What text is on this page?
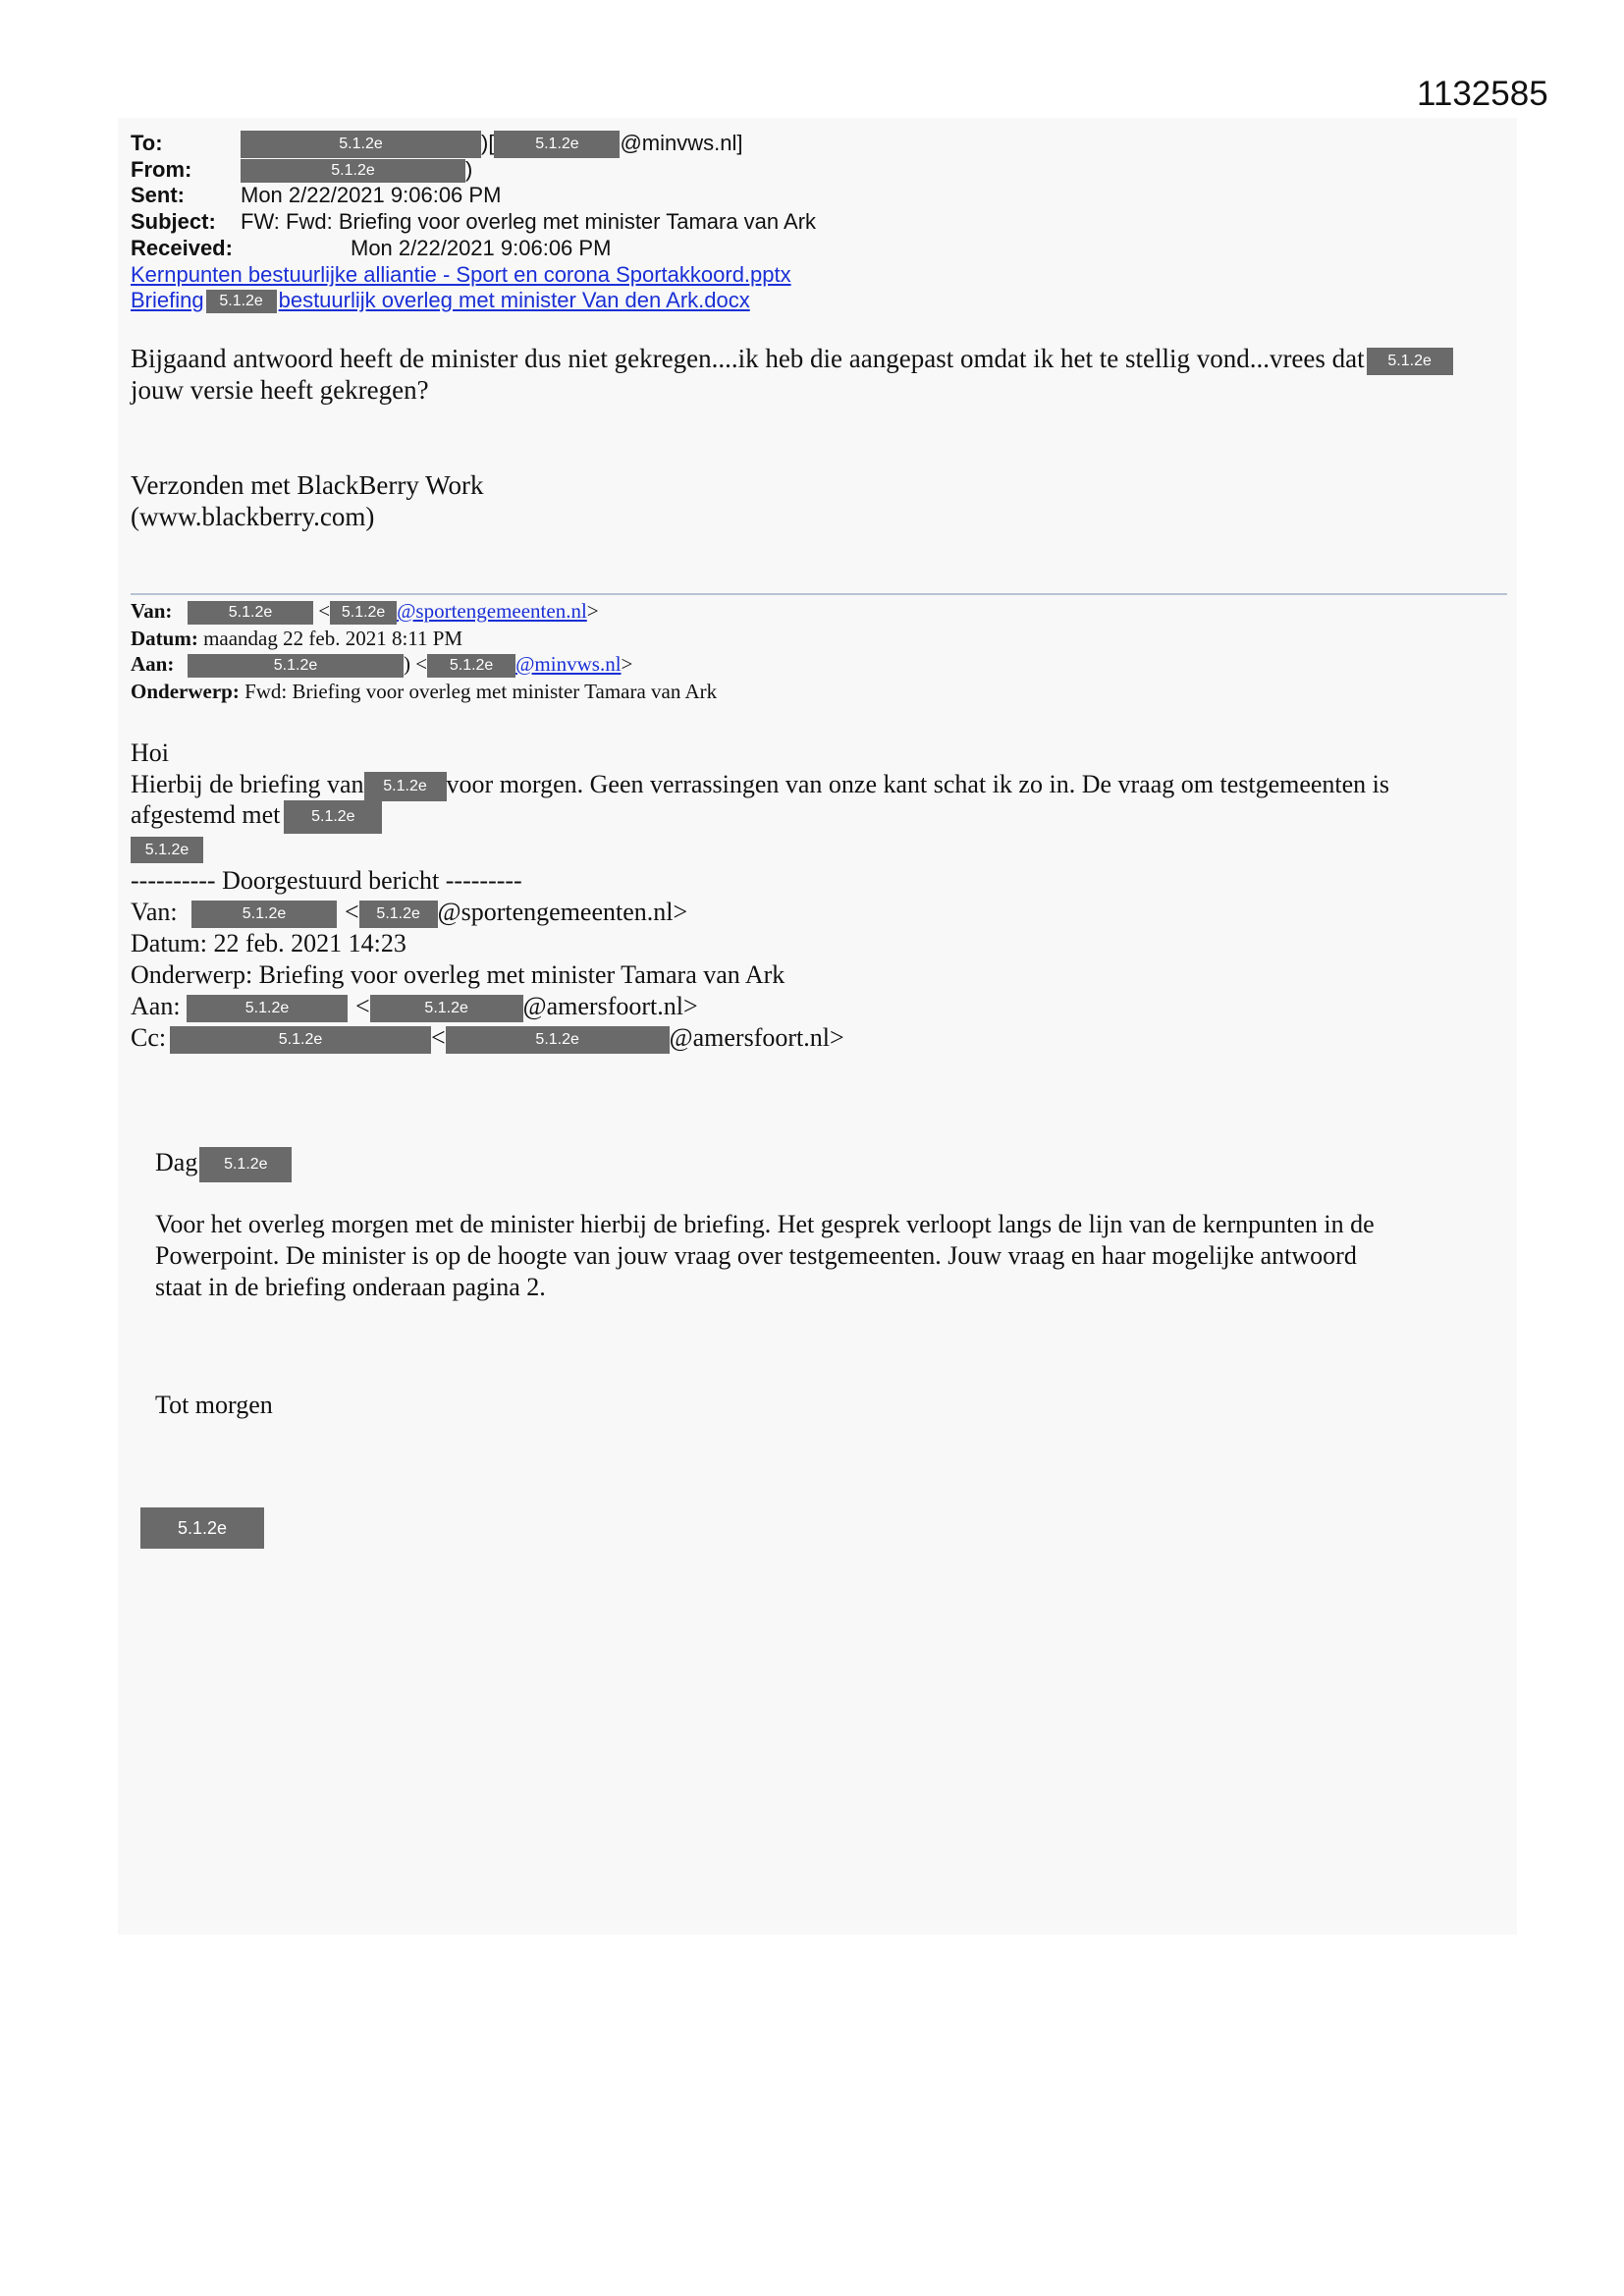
1132585
To:	5.1.2e	)[	5.1.2e @minvws.nl]
From:	5.1.2e	)
Sent:	Mon 2/22/2021 9:06:06 PM
Subject: FW: Fwd: Briefing voor overleg met minister Tamara van Ark
Received:	Mon 2/22/2021 9:06:06 PM
Kernpunten bestuurlijke alliantie - Sport en corona Sportakkoord.pptx
Briefing 5.1.2e bestuurlijk overleg met minister Van den Ark.docx
Bijgaand antwoord heeft de minister dus niet gekregen....ik heb die aangepast omdat ik het te stellig vond...vrees dat 5.1.2e
jouw versie heeft gekregen?
Verzonden met BlackBerry Work
(www.blackberry.com)
Van:	5.1.2e < 5.1.2e @sportengemeenten.nl>
Datum: maandag 22 feb. 2021 8:11 PM
Aan:	5.1.2e	) < 5.1.2e @minvws.nl>
Onderwerp: Fwd: Briefing voor overleg met minister Tamara van Ark
Hoi
Hierbij de briefing van 5.1.2e voor morgen. Geen verrassingen van onze kant schat ik zo in. De vraag om testgemeenten is
afgestemd met 5.1.2e
5.1.2e
---------- Doorgestuurd bericht ---------
Van:	5.1.2e < 5.1.2e @sportengemeenten.nl>
Datum: 22 feb. 2021 14:23
Onderwerp: Briefing voor overleg met minister Tamara van Ark
Aan:	5.1.2e	<	5.1.2e @amersfoort.nl>
Cc:	5.1.2e	<	5.1.2e	@amersfoort.nl>
Dag 5.1.2e
Voor het overleg morgen met de minister hierbij de briefing. Het gesprek verloopt langs de lijn van de kernpunten in de
Powerpoint. De minister is op de hoogte van jouw vraag over testgemeenten. Jouw vraag en haar mogelijke antwoord
staat in de briefing onderaan pagina 2.
Tot morgen
5.1.2e
